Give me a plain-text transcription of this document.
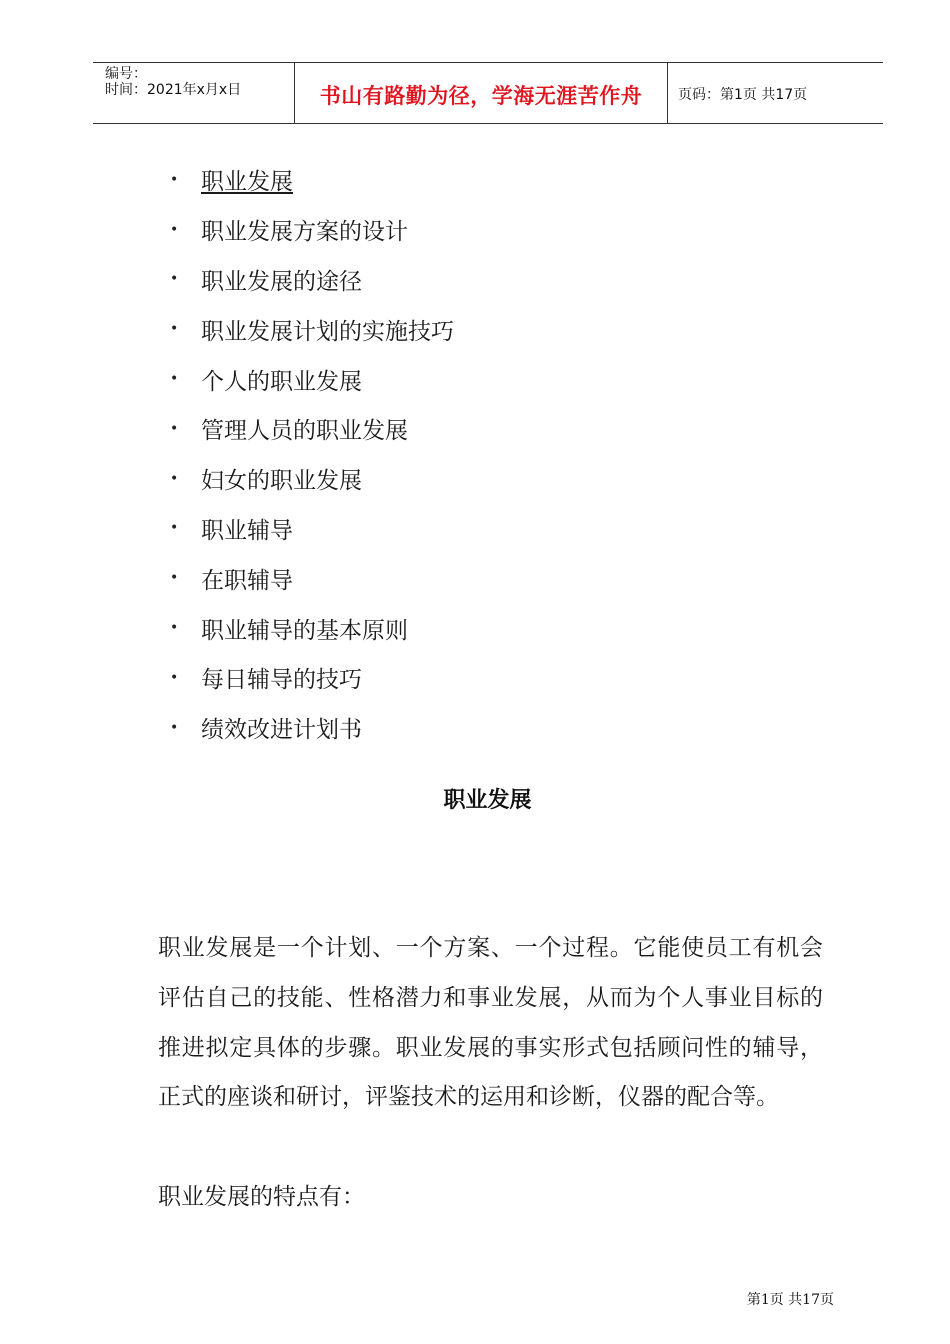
编号：
时间：2021年x月x日	书山有路勤为径，学海无涯苦作舟	页码：第1页 共17页
• 职业发展
• 职业发展方案的设计
• 职业发展的途径
• 职业发展计划的实施技巧
• 个人的职业发展
• 管理人员的职业发展
• 妇女的职业发展
• 职业辅导
• 在职辅导
• 职业辅导的基本原则
• 每日辅导的技巧
• 绩效改进计划书
职业发展

职业发展是一个计划、一个方案、一个过程。它能使员工有机会评估自己的技能、性格潜力和事业发展，从而为个人事业目标的推进拟定具体的步骤。职业发展的事实形式包括顾问性的辅导，正式的座谈和研讨，评鉴技术的运用和诊断，仪器的配合等。

职业发展的特点有：

第1页 共17页
